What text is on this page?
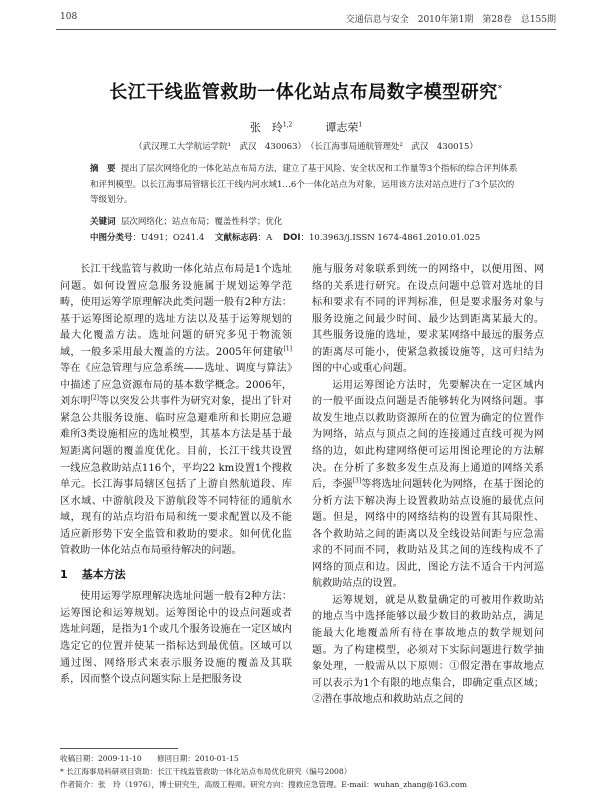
108	交通信息与安全　2010年第1期　第28卷　总155期
长江干线监管救助一体化站点布局数字模型研究*
张　玲$^{1,2}$	谭志荣$^1$
（武汉理工大学航运学院¹　武汉　430063）　（长江海事局通航管理处²　武汉　430015）
摘　要 提出了层次网络化的一体化站点布局方法，建立了基于风险、安全状况和工作量等3个指标的综合评判体系和评判模型。以长江海事局管辖长江干线内河水域1…6个一体化站点为对象，运用该方法对站点进行了3个层次的等级划分。
关键词 层次网络化；站点布局；覆盖性科学；优化
中图分类号：U491；O241.4 文献标志码：A DOI：10.3963/j.ISSN 1674-4861.2010.01.025

长江干线监管与救助一体化站点布局是1个选址问题。如何设置应急服务设施属于规划运筹学范畴，使用运筹学原理解决此类问题一般有2种方法：基于运筹图论原理的选址方法以及基于运筹规划的最大化覆盖方法。选址问题的研究多见于物流领域，一般多采用最大覆盖的方法。2005年何建敏[1]等在《应急管理与应急系统——选址、调度与算法》中描述了应急资源布局的基本数学概念。2006年，刘东明[2]等以突发公共事件为研究对象，提出了针对紧急公共服务设施、临时应急避难所和长期应急避难所3类设施相应的选址模型，其基本方法是基于最短距离问题的覆盖度优化。目前，长江干线共设置一线应急救助站点116个，平均22 km设置1个搜救单元。长江海事局辖区包括了上游自然航道段、库区水域、中游航段及下游航段等不同特征的通航水域，现有的站点均沿布局和统一要求配置以及不能适应新形势下安全监管和救助的要求。如何优化监管救助一体化站点布局亟待解决的问题。

1 基本方法

使用运筹学原理解决选址问题一般有2种方法：运筹图论和运筹规划。运筹图论中的设点问题或者选址问题，是指为1个或几个服务设施在一定区域内选定它的位置并使某一指标达到最优值。区域可以通过图、网络形式来表示服务设施的覆盖及其联系，因而整个设点问题实际上是把服务设

施与服务对象联系到统一的网络中，以便用图、网络的关系进行研究。在设点问题中总管对选址的目标和要求有不同的评判标准，但是要求服务对象与服务设施之间最少时间、最少达到距离某最大的。其些服务设施的选址，要求某网络中最远的服务点的距离尽可能小，使紧急救援设施等，这可归结为图的中心或重心问题。

运用运筹图论方法时，先要解决在一定区域内的一般平面设点问题是否能够转化为网络问题。事故发生地点以救助资源所在的位置为确定的位置作为网络，站点与顶点之间的连接通过直线可视为网络的边，如此构建网络便可运用图论理论的方法解决。在分析了多数多发生点及海上通道的网络关系后，李强[3]等将选址问题转化为网络，在基于图论的分析方法下解决海上设置救助站点设施的最优点问题。但是，网络中的网络结构的设置有其局限性、各个救助站之间的距离以及全线设站间距与应急需求的不同而不同，救助站及其之间的连线构成不了网络的顶点和边。因此，图论方法不适合干内河巡航救助站点的设置。

运筹规划，就是从数量确定的可被用作救助站的地点当中选择能够以最少数目的救助站点，满足能最大化地覆盖所有待在事故地点的数学规划问题。为了构建模型，必须对下实际问题进行数学抽象处理，一般需从以下原则：①假定潜在事故地点可以表示为1个有限的地点集合，即确定重点区域；②潜在事故地点和救助站点之间的

收稿日期：2009-11-10　　修回日期：2010-01-15
* 长江海事局科研项目资助：长江干线监管救助一体化站点布局优化研究（编号2008）
作者简介：张　玲（1976），博士研究生，高级工程师。研究方向：搜救应急管理。E-mail：wuhan_zhang@163.com
